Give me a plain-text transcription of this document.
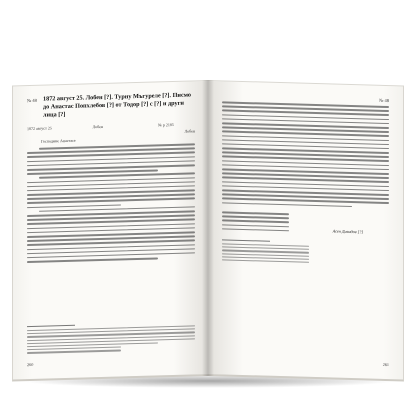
№ 48 1872 август 25. Лобен [?]. Турну Мъгуреле [?]. Писмо до Анастас Попхлебов [?] от Тодор [?] с [?] и други лица [?]
1872 август 25	Лобен	№ р 2185
Лобен
Господине Анастасе
260
№ 48
Асен Давидов [?]
261
